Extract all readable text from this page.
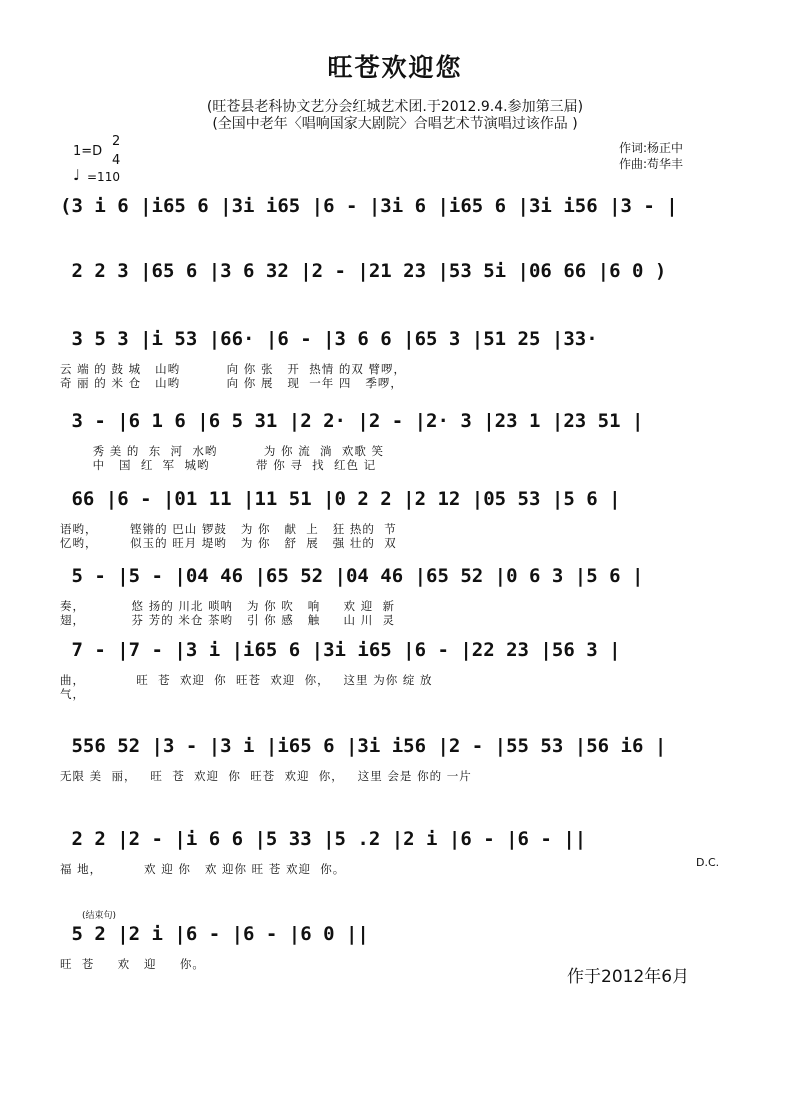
旺苍欢迎您
(旺苍县老科协文艺分会红城艺术团.于2012.9.4.参加第三届)
(全国中老年〈唱响国家大剧院〉合唱艺术节演唱过该作品 )
1=D
2
4
♩ =110
作词:杨正中
作曲:苟华丰
(3 i 6 |i65 6 |3i i65 |6 - |3i 6 |i65 6 |3i i56 |3 - |
2 2 3 |65 6 |3 6 32 |2 - |21 23 |53 5i |06 66 |6 0 )
3 5 3 |i 53 |66· |6 - |3 6 6 |65 3 |51 25 |33·
云 端 的 鼓 城   山哟          向 你 张   开  热情 的双 臂啰，
奇 丽 的 米 仓   山哟          向 你 展   现  一年 四   季啰，
3 - |6 1 6 |6 5 31 |2 2· |2 - |2· 3 |23 1 |23 51 |
秀 美 的  东  河  水哟          为 你 流  淌  欢歌 笑
中   国  红  军  城哟          带 你 寻  找  红色 记
66 |6 - |01 11 |11 51 |0 2 2 |2 12 |05 53 |5 6 |
语哟，       铿锵的 巴山 锣鼓   为 你   献  上   狂 热的  节
忆哟，       似玉的 旺月 堤哟   为 你   舒  展   强 壮的  双
5 - |5 - |04 46 |65 52 |04 46 |65 52 |0 6 3 |5 6 |
奏，          悠 扬的 川北 唢呐   为 你 吹   响     欢 迎  新
翅，          芬 芳的 米仓 茶哟   引 你 感   触     山 川  灵
7 - |7 - |3 i |i65 6 |3i i65 |6 - |22 23 |56 3 |
曲，           旺  苍  欢迎  你  旺苍  欢迎  你，   这里 为你 绽 放
气，
556 52 |3 - |3 i |i65 6 |3i i56 |2 - |55 53 |56 i6 |
无限 美  丽，   旺  苍  欢迎  你  旺苍  欢迎  你，   这里 会是 你的 一片
2 2 |2 - |i 6 6 |5 33 |5 .2 |2 i |6 - |6 - ||
福 地，         欢 迎 你   欢 迎你 旺 苍 欢迎  你。
5 2 |2 i |6 - |6 - |6 0 ||
旺  苍     欢   迎     你。
D.C.
(结束句)
作于2012年6月
